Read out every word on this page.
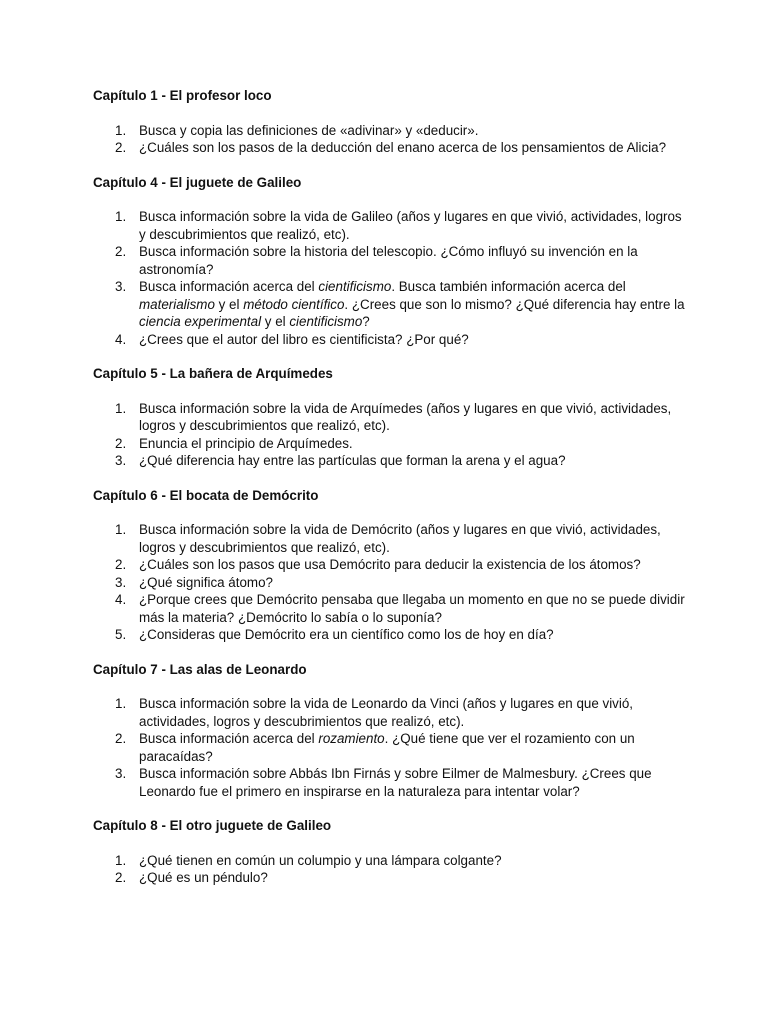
Capítulo 1 - El profesor loco
1. Busca y copia las definiciones de «adivinar» y «deducir».
2. ¿Cuáles son los pasos de la deducción del enano acerca de los pensamientos de Alicia?
Capítulo 4 - El juguete de Galileo
1. Busca información sobre la vida de Galileo (años y lugares en que vivió, actividades, logros y descubrimientos que realizó, etc).
2. Busca información sobre la historia del telescopio. ¿Cómo influyó su invención en la astronomía?
3. Busca información acerca del cientificismo. Busca también información acerca del materialismo y el método científico. ¿Crees que son lo mismo? ¿Qué diferencia hay entre la ciencia experimental y el cientificismo?
4. ¿Crees que el autor del libro es cientificista? ¿Por qué?
Capítulo 5 - La bañera de Arquímedes
1. Busca información sobre la vida de Arquímedes (años y lugares en que vivió, actividades, logros y descubrimientos que realizó, etc).
2. Enuncia el principio de Arquímedes.
3. ¿Qué diferencia hay entre las partículas que forman la arena y el agua?
Capítulo 6 - El bocata de Demócrito
1. Busca información sobre la vida de Demócrito (años y lugares en que vivió, actividades, logros y descubrimientos que realizó, etc).
2. ¿Cuáles son los pasos que usa Demócrito para deducir la existencia de los átomos?
3. ¿Qué significa átomo?
4. ¿Porque crees que Demócrito pensaba que llegaba un momento en que no se puede dividir más la materia? ¿Demócrito lo sabía o lo suponía?
5. ¿Consideras que Demócrito era un científico como los de hoy en día?
Capítulo 7 - Las alas de Leonardo
1. Busca información sobre la vida de Leonardo da Vinci (años y lugares en que vivió, actividades, logros y descubrimientos que realizó, etc).
2. Busca información acerca del rozamiento. ¿Qué tiene que ver el rozamiento con un paracaídas?
3. Busca información sobre Abbás Ibn Firnás y sobre Eilmer de Malmesbury. ¿Crees que Leonardo fue el primero en inspirarse en la naturaleza para intentar volar?
Capítulo 8 - El otro juguete de Galileo
1. ¿Qué tienen en común un columpio y una lámpara colgante?
2. ¿Qué es un péndulo?
